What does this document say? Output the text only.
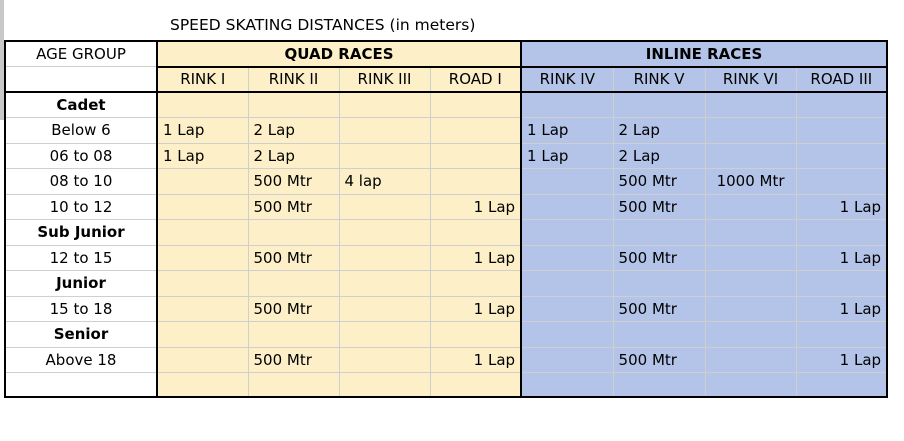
SPEED SKATING DISTANCES (in meters)
AGE GROUP	QUAD RACES				INLINE RACES			
	RINK I	RINK II	RINK III	ROAD I	RINK IV	RINK V	RINK VI	ROAD III
Cadet								
Below 6	1 Lap	2 Lap			1 Lap	2 Lap		
06 to 08	1 Lap	2 Lap			1 Lap	2 Lap		
08 to 10		500 Mtr	4 lap			500 Mtr	1000 Mtr	
10 to 12		500 Mtr		1 Lap		500 Mtr		1 Lap
Sub Junior								
12 to 15		500 Mtr		1 Lap		500 Mtr		1 Lap
Junior								
15 to 18		500 Mtr		1 Lap		500 Mtr		1 Lap
Senior								
Above 18		500 Mtr		1 Lap		500 Mtr		1 Lap
